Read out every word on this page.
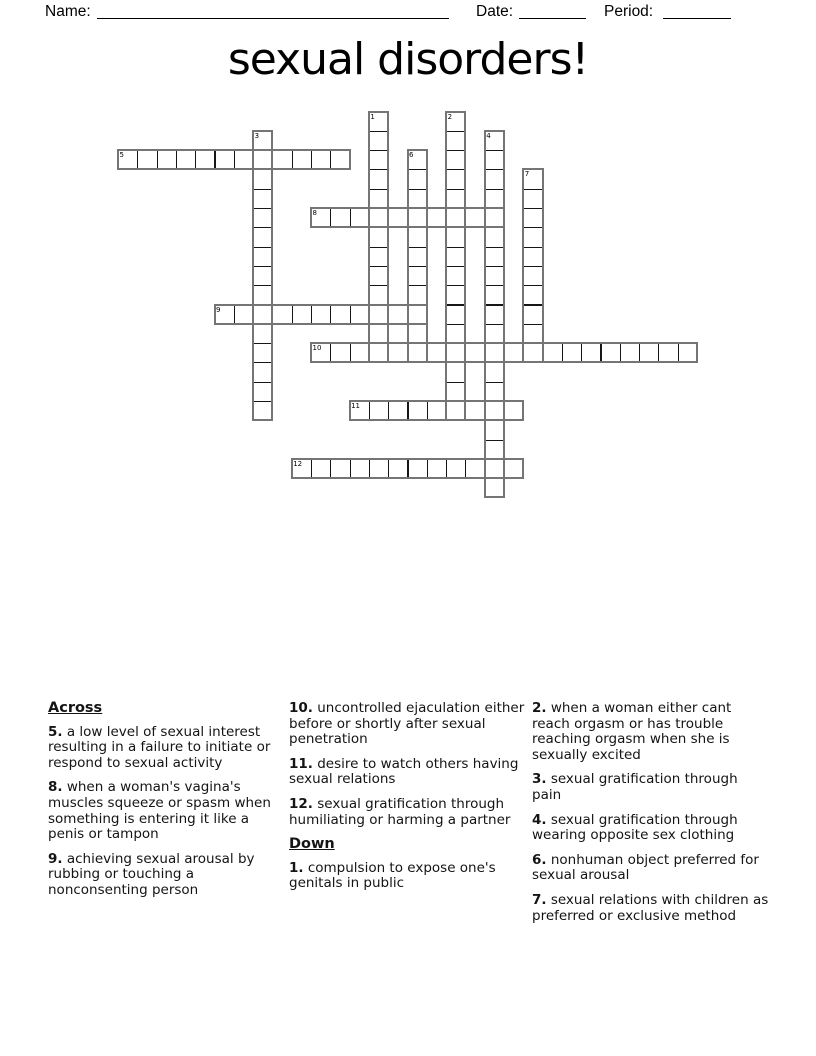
Name:	Date:	Period:
sexual disorders!
1	2
3	4
5	6
7
8
9
10
11
12
Across
5. a low level of sexual interest resulting in a failure to initiate or respond to sexual activity
8. when a woman's vagina's muscles squeeze or spasm when something is entering it like a penis or tampon
9. achieving sexual arousal by rubbing or touching a nonconsenting person
10. uncontrolled ejaculation either before or shortly after sexual penetration
11. desire to watch others having sexual relations
12. sexual gratification through humiliating or harming a partner
Down
1. compulsion to expose one's genitals in public
2. when a woman either cant reach orgasm or has trouble reaching orgasm when she is sexually excited
3. sexual gratification through pain
4. sexual gratification through wearing opposite sex clothing
6. nonhuman object preferred for sexual arousal
7. sexual relations with children as preferred or exclusive method
